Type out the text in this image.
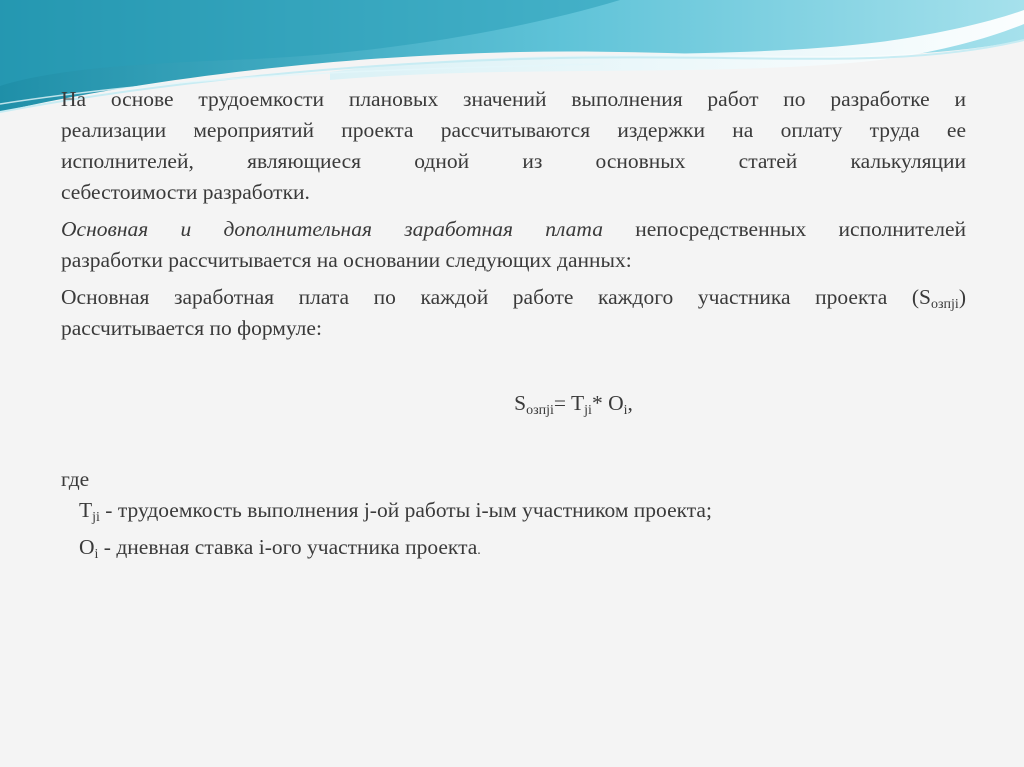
На основе трудоемкости плановых значений выполнения работ по разработке и
реализации мероприятий проекта рассчитываются издержки на оплату труда ее
исполнителей, являющиеся одной из основных статей калькуляции
себестоимости разработки.
Основная и дополнительная заработная плата непосредственных исполнителей
разработки рассчитывается на основании следующих данных:
Основная заработная плата по каждой работе каждого участника проекта $(S_{озпji})$
рассчитывается по формуле:
$S_{озпji}= T_{ji}*$ $O_i$,
где
$T_{ji}$ - трудоемкость выполнения j-ой работы i-ым участником проекта;
$O_i$ - дневная ставка i-ого участника проекта.
